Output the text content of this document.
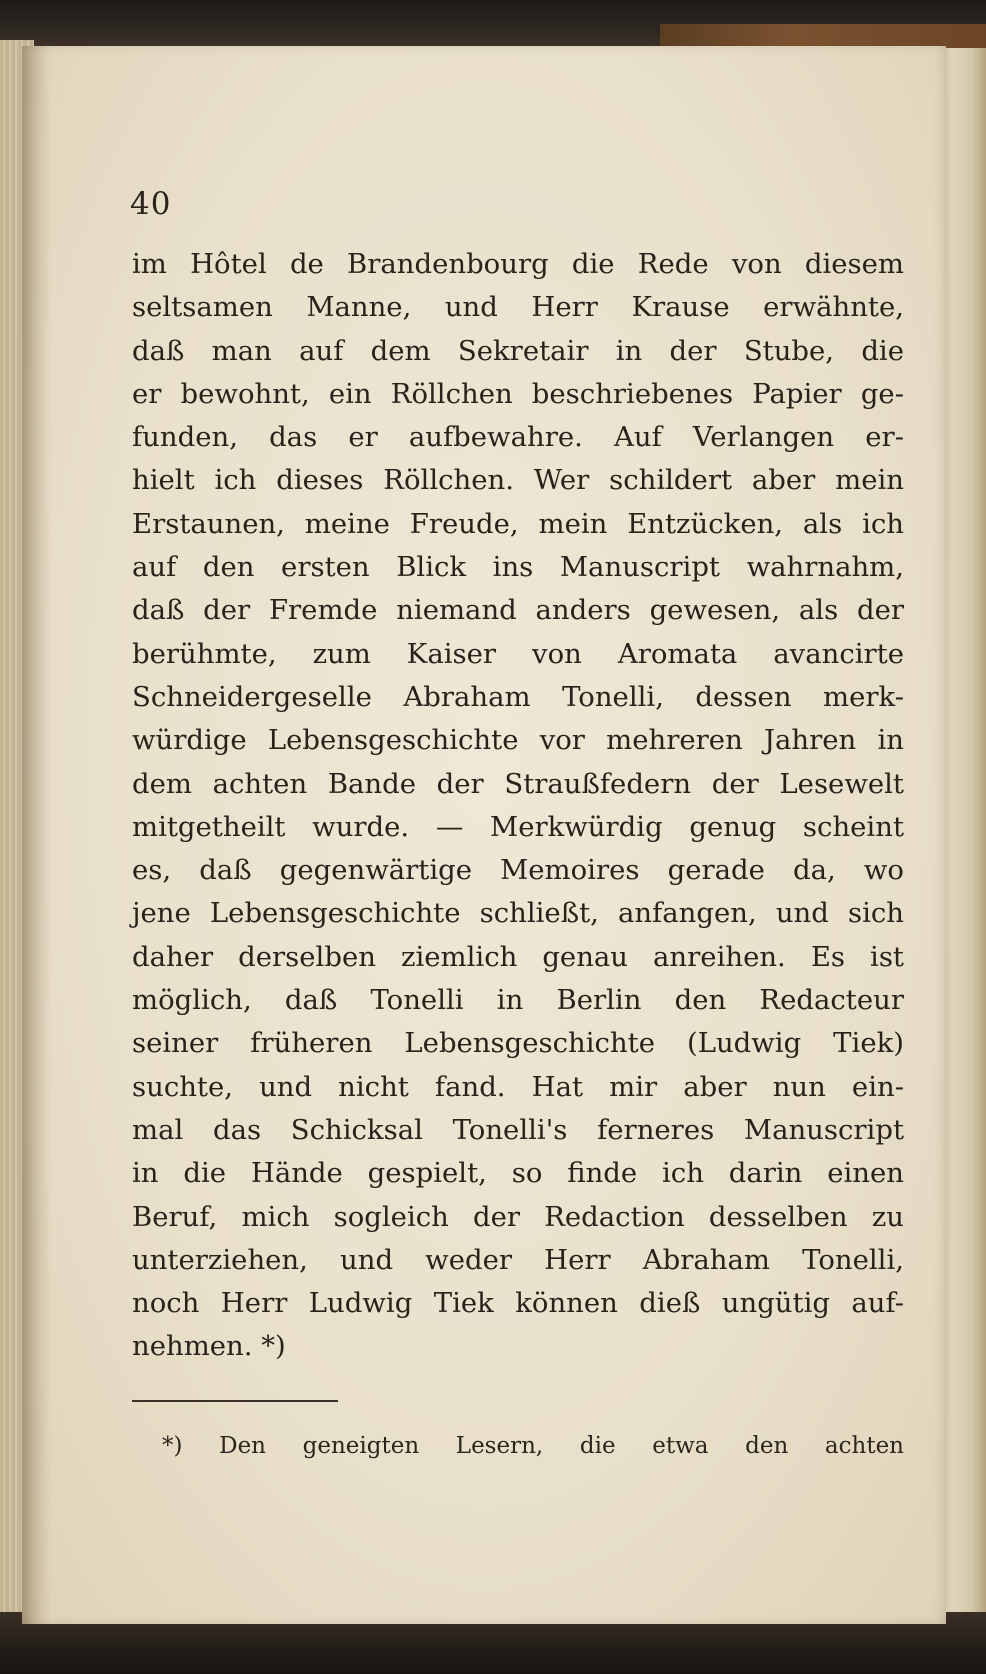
40
im Hôtel de Brandenbourg die Rede von diesem
seltsamen Manne, und Herr Krause erwähnte,
daß man auf dem Sekretair in der Stube, die
er bewohnt, ein Röllchen beschriebenes Papier ge-
funden, das er aufbewahre. Auf Verlangen er-
hielt ich dieses Röllchen. Wer schildert aber mein
Erstaunen, meine Freude, mein Entzücken, als ich
auf den ersten Blick ins Manuscript wahrnahm,
daß der Fremde niemand anders gewesen, als der
berühmte, zum Kaiser von Aromata avancirte
Schneidergeselle Abraham Tonelli, dessen merk-
würdige Lebensgeschichte vor mehreren Jahren in
dem achten Bande der Straußfedern der Lesewelt
mitgetheilt wurde. — Merkwürdig genug scheint
es, daß gegenwärtige Memoires gerade da, wo
jene Lebensgeschichte schließt, anfangen, und sich
daher derselben ziemlich genau anreihen. Es ist
möglich, daß Tonelli in Berlin den Redacteur
seiner früheren Lebensgeschichte (Ludwig Tiek)
suchte, und nicht fand. Hat mir aber nun ein-
mal das Schicksal Tonelli's ferneres Manuscript
in die Hände gespielt, so finde ich darin einen
Beruf, mich sogleich der Redaction desselben zu
unterziehen, und weder Herr Abraham Tonelli,
noch Herr Ludwig Tiek können dieß ungütig auf-
nehmen. *)
*) Den geneigten Lesern, die etwa den achten
